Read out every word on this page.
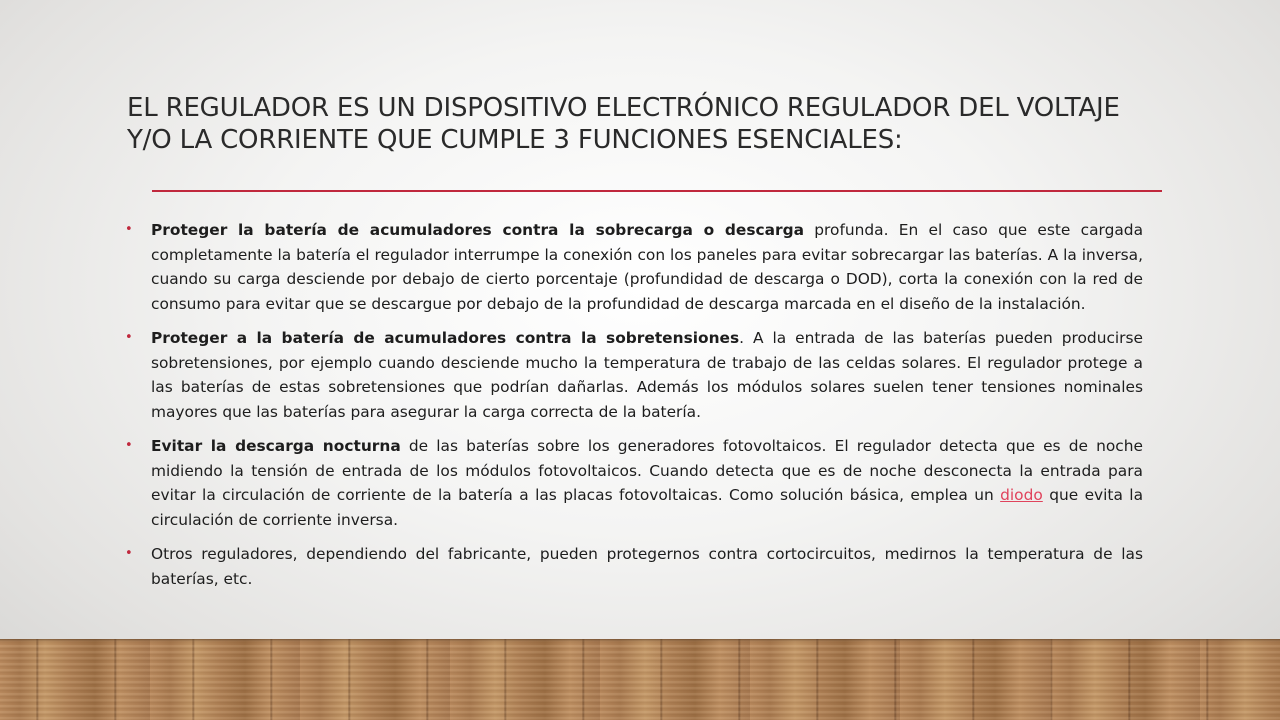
EL REGULADOR ES UN DISPOSITIVO ELECTRÓNICO REGULADOR DEL VOLTAJE Y/O LA CORRIENTE QUE CUMPLE 3 FUNCIONES ESENCIALES:
• Proteger la batería de acumuladores contra la sobrecarga o descarga profunda. En el caso que este cargada completamente la batería el regulador interrumpe la conexión con los paneles para evitar sobrecargar las baterías. A la inversa, cuando su carga desciende por debajo de cierto porcentaje (profundidad de descarga o DOD), corta la conexión con la red de consumo para evitar que se descargue por debajo de la profundidad de descarga marcada en el diseño de la instalación.
• Proteger a la batería de acumuladores contra la sobretensiones. A la entrada de las baterías pueden producirse sobretensiones, por ejemplo cuando desciende mucho la temperatura de trabajo de las celdas solares. El regulador protege a las baterías de estas sobretensiones que podrían dañarlas. Además los módulos solares suelen tener tensiones nominales mayores que las baterías para asegurar la carga correcta de la batería.
• Evitar la descarga nocturna de las baterías sobre los generadores fotovoltaicos. El regulador detecta que es de noche midiendo la tensión de entrada de los módulos fotovoltaicos. Cuando detecta que es de noche desconecta la entrada para evitar la circulación de corriente de la batería a las placas fotovoltaicas. Como solución básica, emplea un diodo que evita la circulación de corriente inversa.
• Otros reguladores, dependiendo del fabricante, pueden protegernos contra cortocircuitos, medirnos la temperatura de las baterías, etc.
